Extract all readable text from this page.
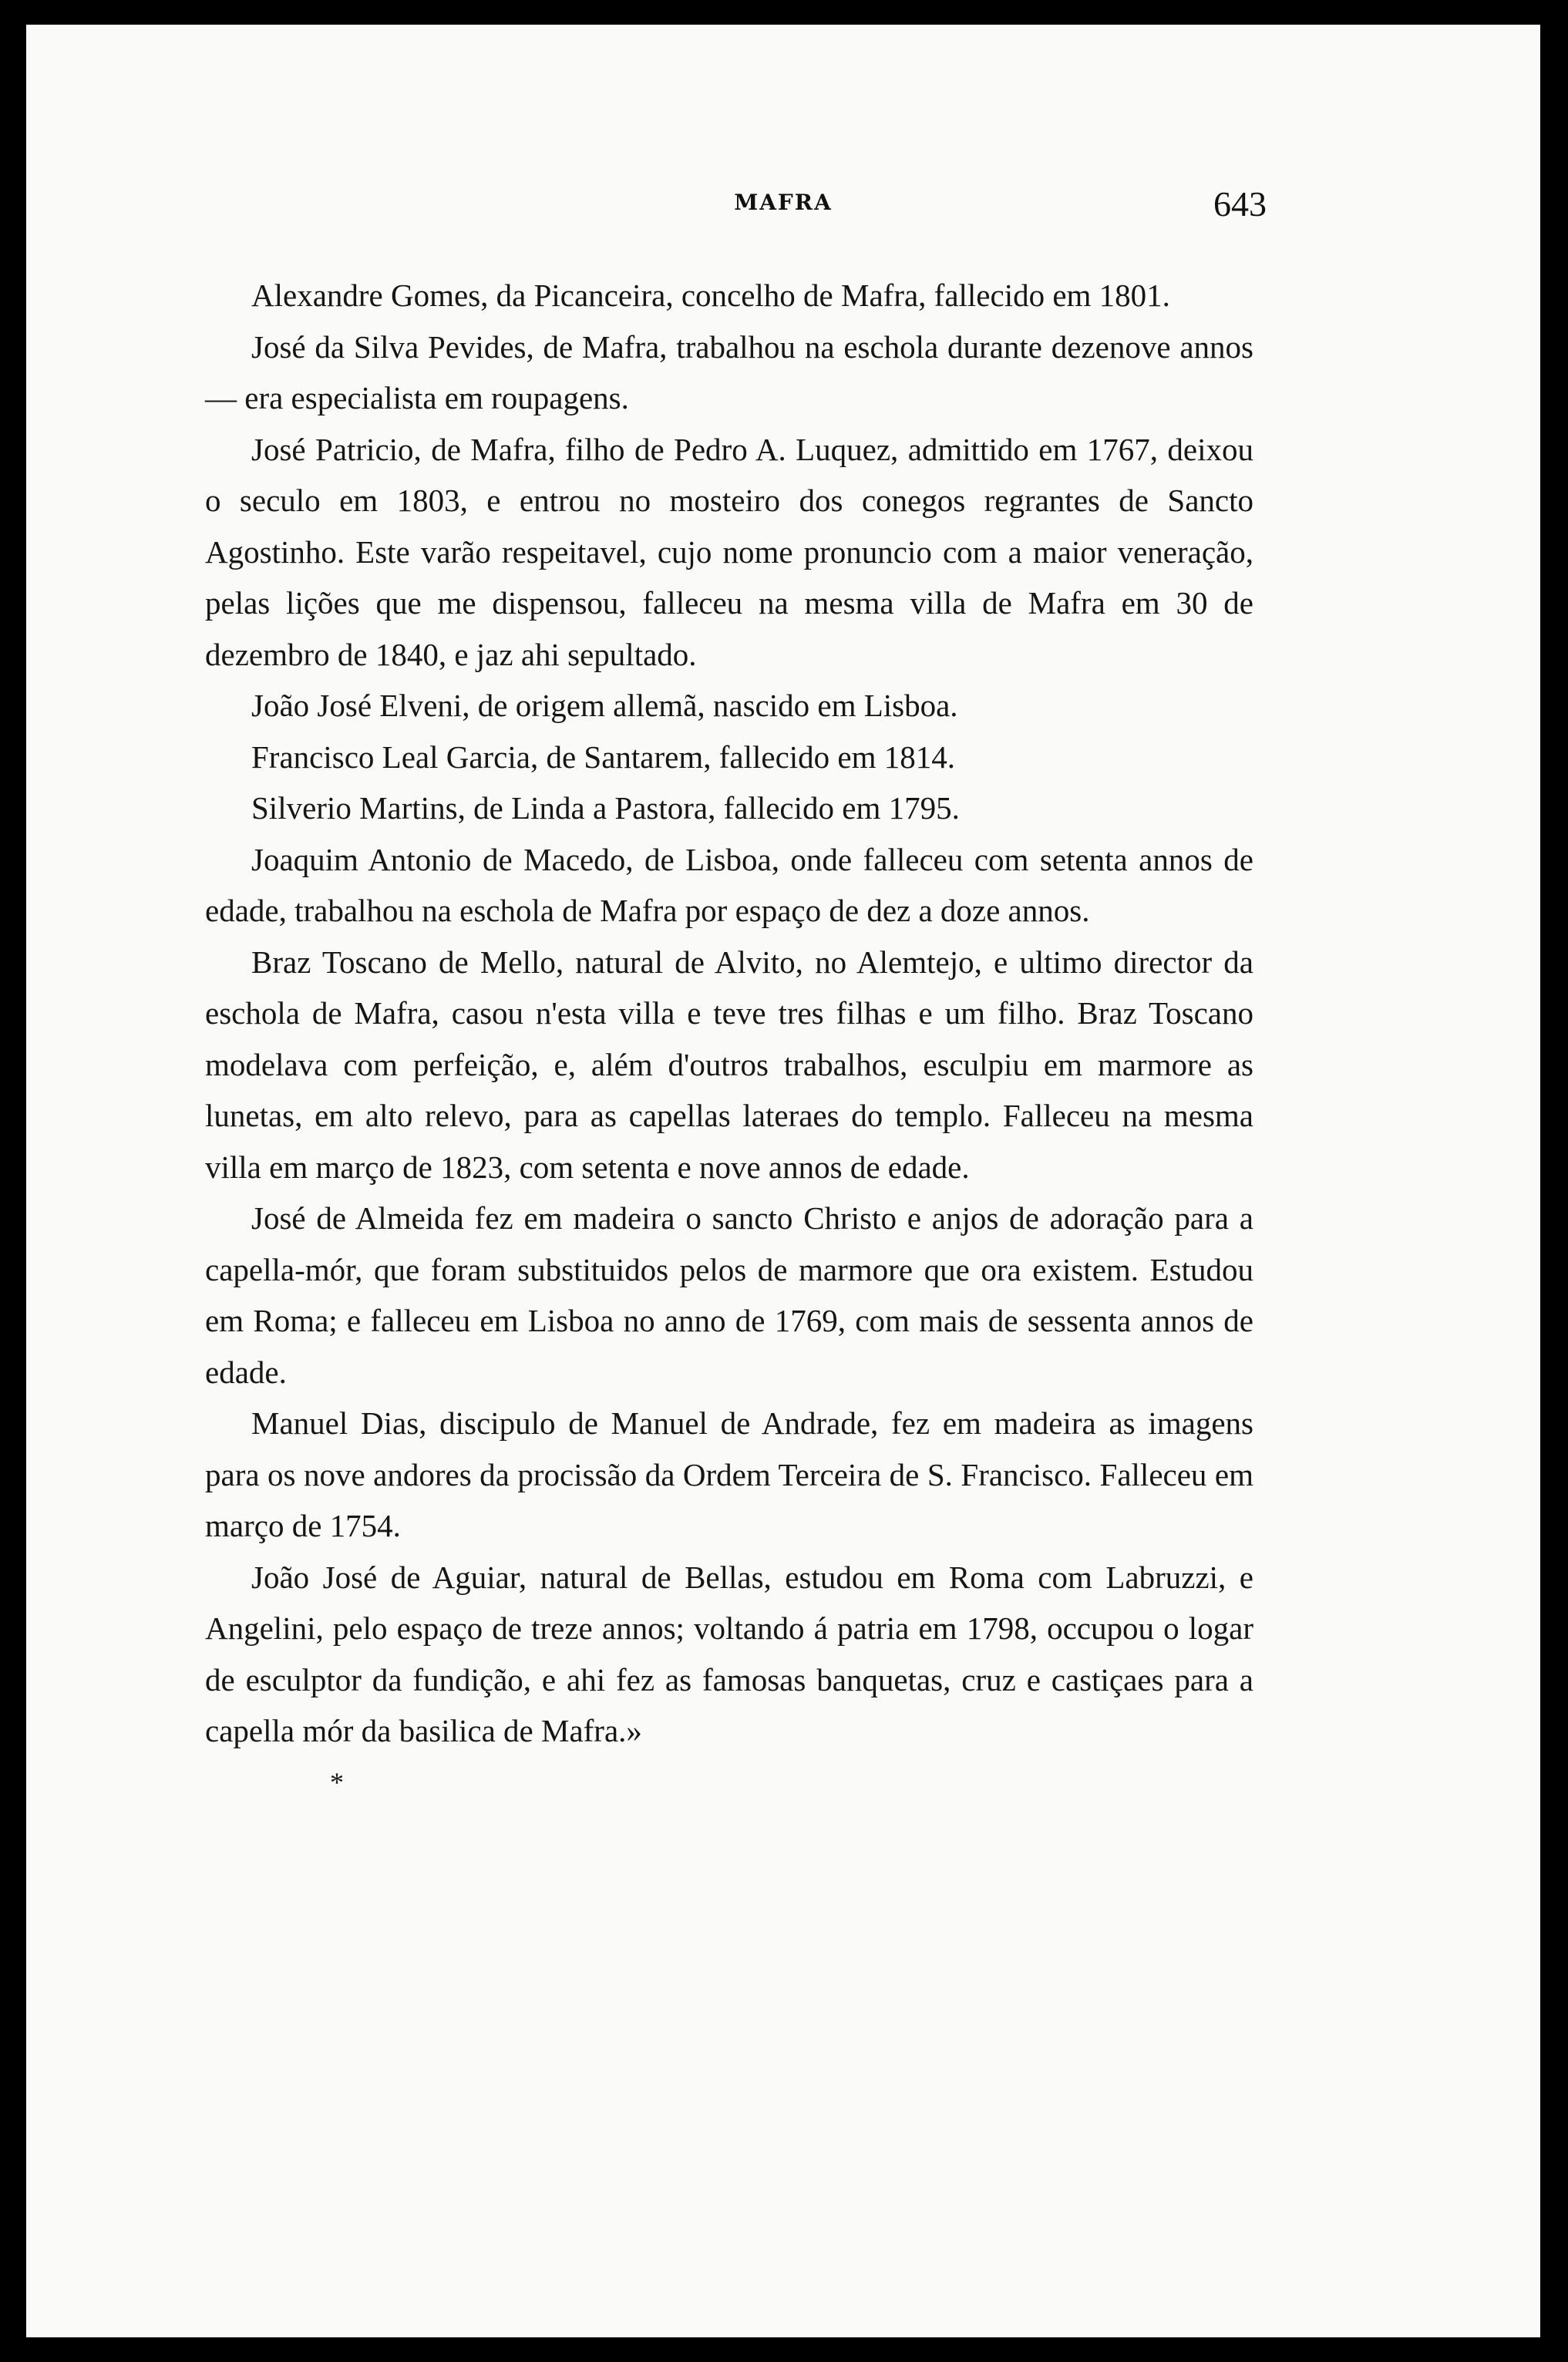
MAFRA	643

Alexandre Gomes, da Picanceira, concelho de Mafra, fallecido em 1801.

José da Silva Pevides, de Mafra, trabalhou na eschola durante dezenove annos — era especialista em roupagens.

José Patricio, de Mafra, filho de Pedro A. Luquez, admittido em 1767, deixou o seculo em 1803, e entrou no mosteiro dos conegos regrantes de Sancto Agostinho. Este varão respeitavel, cujo nome pronuncio com a maior veneração, pelas lições que me dispensou, falleceu na mesma villa de Mafra em 30 de dezembro de 1840, e jaz ahi sepultado.

João José Elveni, de origem allemã, nascido em Lisboa.

Francisco Leal Garcia, de Santarem, fallecido em 1814.

Silverio Martins, de Linda a Pastora, fallecido em 1795.

Joaquim Antonio de Macedo, de Lisboa, onde falleceu com setenta annos de edade, trabalhou na eschola de Mafra por espaço de dez a doze annos.

Braz Toscano de Mello, natural de Alvito, no Alemtejo, e ultimo director da eschola de Mafra, casou n'esta villa e teve tres filhas e um filho. Braz Toscano modelava com perfeição, e, além d'outros trabalhos, esculpiu em marmore as lunetas, em alto relevo, para as capellas lateraes do templo. Falleceu na mesma villa em março de 1823, com setenta e nove annos de edade.

José de Almeida fez em madeira o sancto Christo e anjos de adoração para a capella-mór, que foram substituidos pelos de marmore que ora existem. Estudou em Roma; e falleceu em Lisboa no anno de 1769, com mais de sessenta annos de edade.

Manuel Dias, discipulo de Manuel de Andrade, fez em madeira as imagens para os nove andores da procissão da Ordem Terceira de S. Francisco. Falleceu em março de 1754.

João José de Aguiar, natural de Bellas, estudou em Roma com Labruzzi, e Angelini, pelo espaço de treze annos; voltando á patria em 1798, occupou o logar de esculptor da fundição, e ahi fez as famosas banquetas, cruz e castiçaes para a capella mór da basilica de Mafra.»

*
